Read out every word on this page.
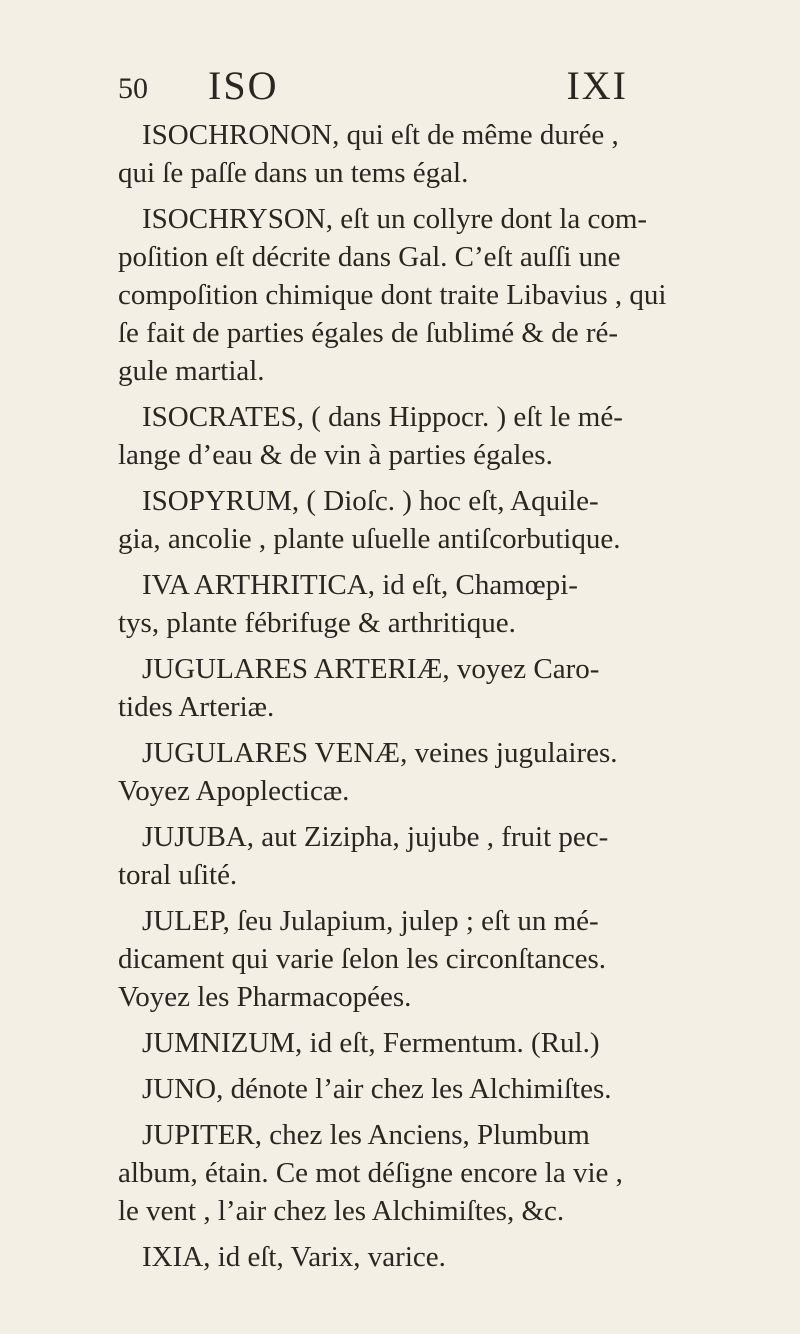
50 ISO	IXI
ISOCHRONON, qui eſt de même durée ,
qui ſe paſſe dans un tems égal.
ISOCHRYSON, eſt un collyre dont la com-
poſition eſt décrite dans Gal. C’eſt auſſi une
compoſition chimique dont traite Libavius , qui
ſe fait de parties égales de ſublimé & de ré-
gule martial.
ISOCRATES, ( dans Hippocr. ) eſt le mé-
lange d’eau & de vin à parties égales.
ISOPYRUM, ( Dioſc. ) hoc eſt, Aquile-
gia, ancolie , plante uſuelle antiſcorbutique.
IVA ARTHRITICA, id eſt, Chamœpi-
tys, plante fébrifuge & arthritique.
JUGULARES ARTERIÆ, voyez Caro-
tides Arteriæ.
JUGULARES VENÆ, veines jugulaires.
Voyez Apoplecticæ.
JUJUBA, aut Zizipha, jujube , fruit pec-
toral uſité.
JULEP, ſeu Julapium, julep ; eſt un mé-
dicament qui varie ſelon les circonſtances.
Voyez les Pharmacopées.
JUMNIZUM, id eſt, Fermentum. (Rul.)
JUNO, dénote l’air chez les Alchimiſtes.
JUPITER, chez les Anciens, Plumbum
album, étain. Ce mot déſigne encore la vie ,
le vent , l’air chez les Alchimiſtes, &c.
IXIA, id eſt, Varix, varice.
